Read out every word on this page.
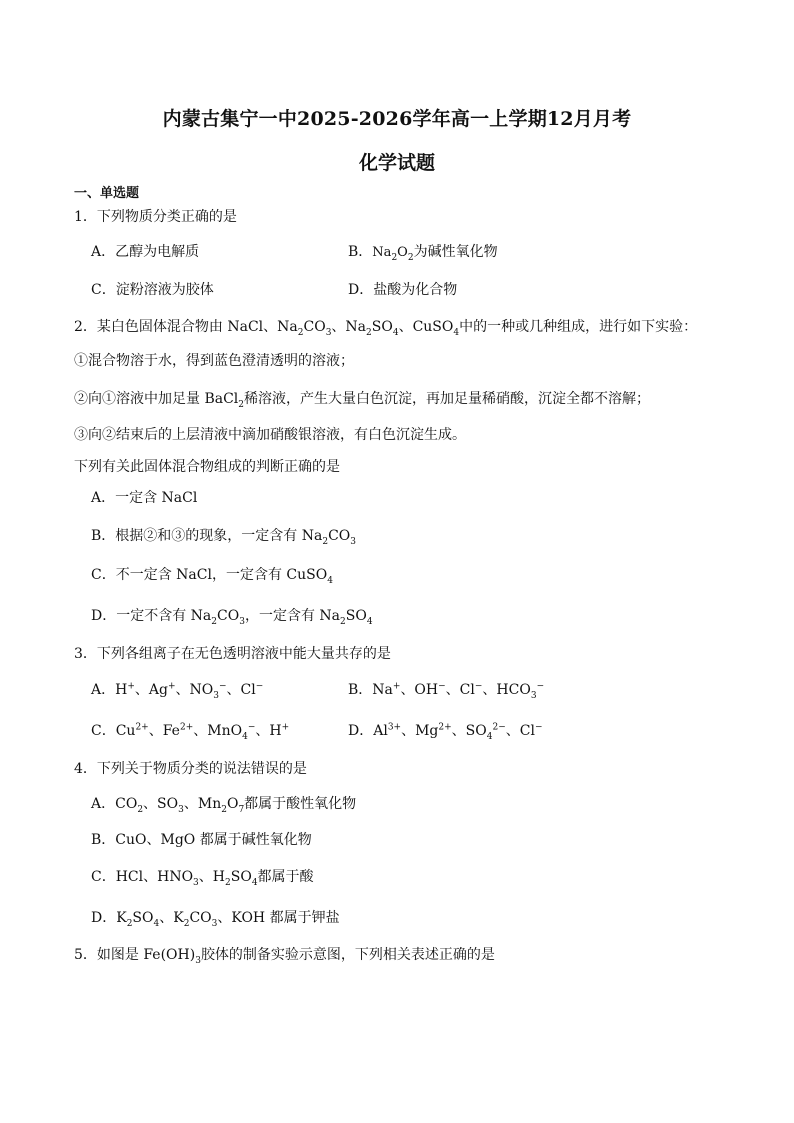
内蒙古集宁一中2025-2026学年高一上学期12月月考
化学试题
一、单选题
1．下列物质分类正确的是
A．乙醇为电解质	B．$Na_2O_2$为碱性氧化物
C．淀粉溶液为胶体	D．盐酸为化合物
2．某白色固体混合物由 NaCl、$Na_2CO_3$、$Na_2SO_4$、CuSO$_4$中的一种或几种组成，进行如下实验：
①混合物溶于水，得到蓝色澄清透明的溶液；
②向①溶液中加足量 BaCl$_2$稀溶液，产生大量白色沉淀，再加足量稀硝酸，沉淀全都不溶解；
③向②结束后的上层清液中滴加硝酸银溶液，有白色沉淀生成。
下列有关此固体混合物组成的判断正确的是
A．一定含 NaCl
B．根据②和③的现象，一定含有 $Na_2CO_3$
C．不一定含 NaCl，一定含有 CuSO$_4$
D．一定不含有 $Na_2CO_3$，一定含有 $Na_2SO_4$
3．下列各组离子在无色透明溶液中能大量共存的是
A．H+、Ag+、$NO_3^-$、Cl−	B．Na+、OH−、Cl−、$HCO_3^-$
C．$Cu^{2+}$、$Fe^{2+}$、MnO$_4$−、H+	D．$Al^{3+}$、$Mg^{2+}$、$SO_4^{2-}$、Cl−
4．下列关于物质分类的说法错误的是
A．$CO_2$、$SO_3$、$Mn_2O_7$都属于酸性氧化物
B．CuO、MgO 都属于碱性氧化物
C．HCl、$HNO_3$、$H_2SO_4$都属于酸
D．$K_2SO_4$、$K_2CO_3$、KOH 都属于钾盐
5．如图是 $Fe(OH)_3$胶体的制备实验示意图，下列相关表述正确的是
